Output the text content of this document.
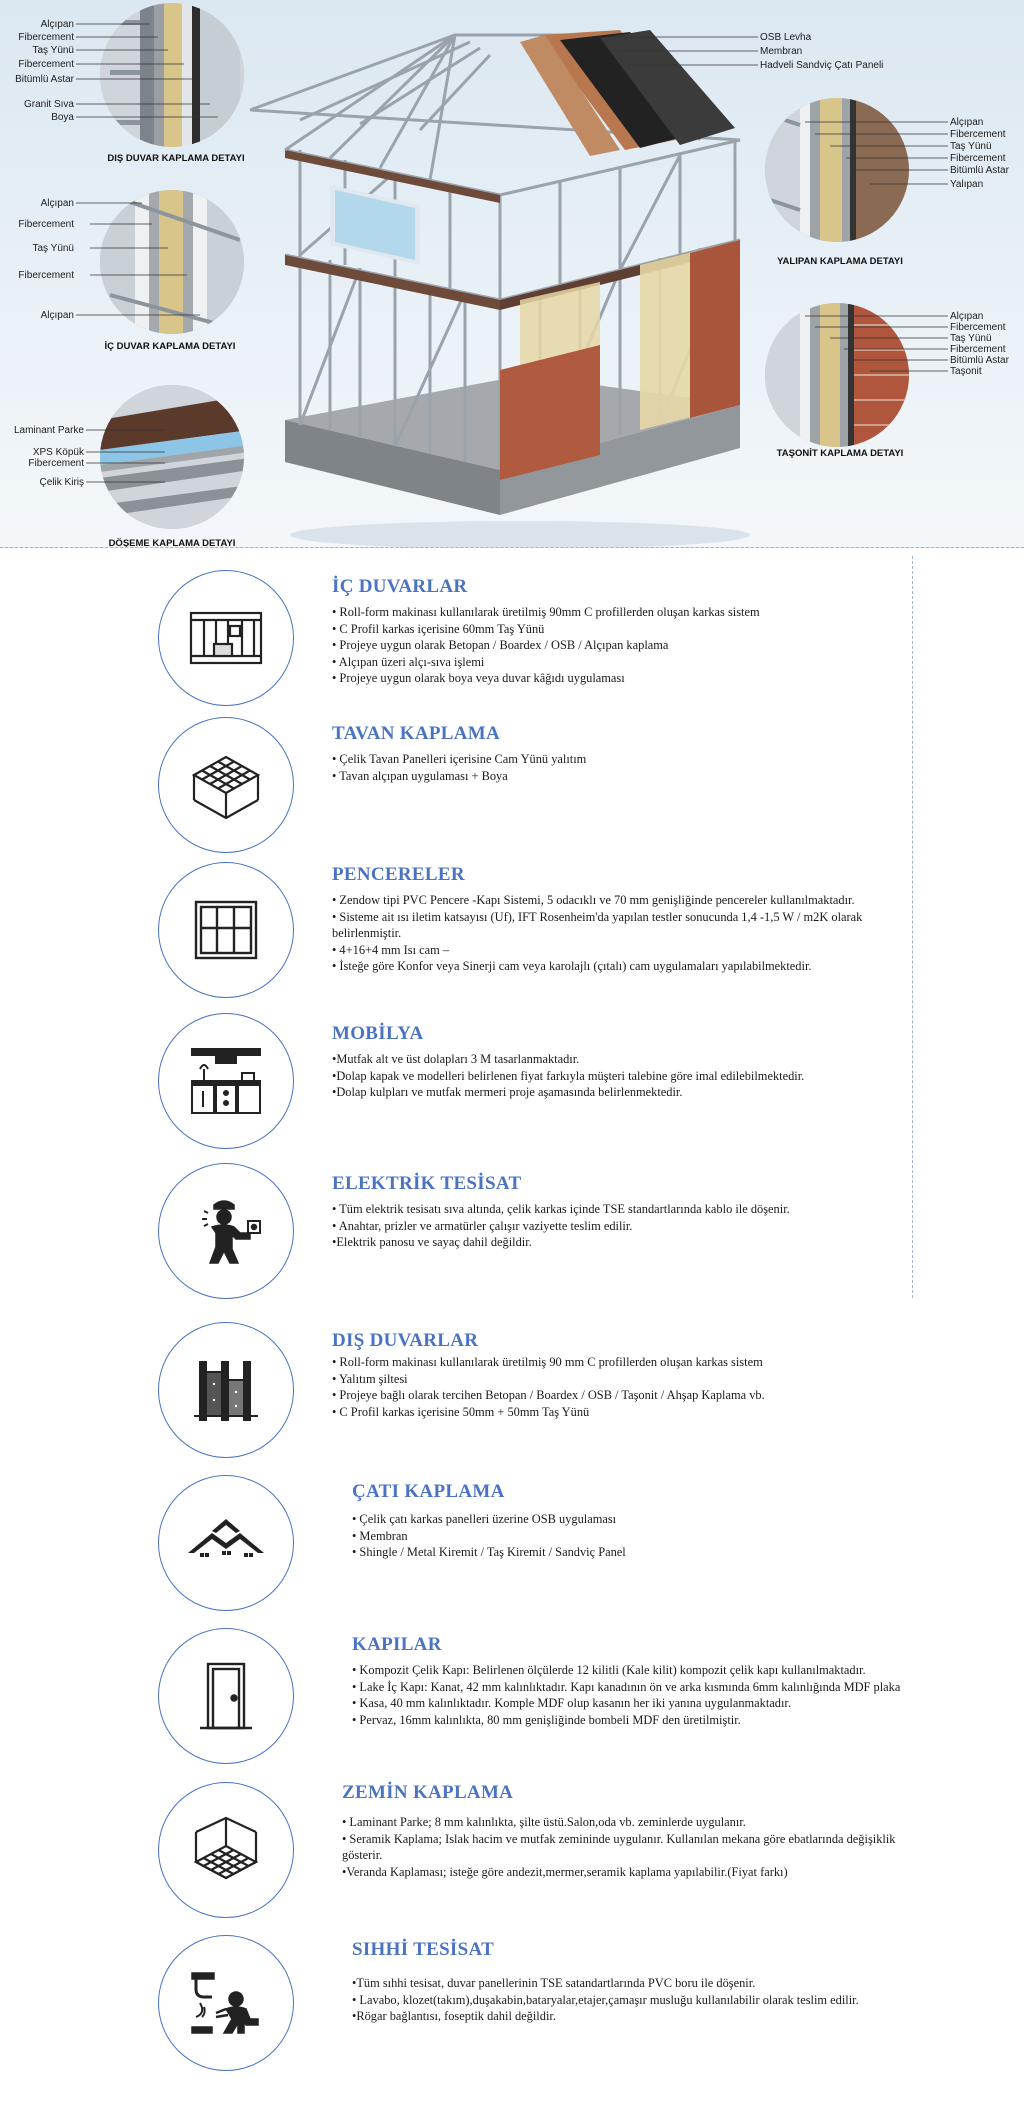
Alçıpan
Fibercement
Taş Yünü
Fibercement
Bitümlü Astar
Granit Sıva
Boya
DIŞ DUVAR KAPLAMA DETAYI
Alçıpan
Fibercement
Taş Yünü
Fibercement
Alçıpan
İÇ DUVAR KAPLAMA DETAYI
Laminant Parke
XPS Köpük
Fibercement
Çelik Kiriş
DÖŞEME KAPLAMA DETAYI
OSB Levha
Membran
Hadveli Sandviç Çatı Paneli
Alçıpan
Fibercement
Taş Yünü
Fibercement
Bitümlü Astar
Yalıpan
YALIPAN KAPLAMA DETAYI
Alçıpan
Fibercement
Taş Yünü
Fibercement
Bitümlü Astar
Taşonit
TAŞONİT KAPLAMA DETAYI
İÇ DUVARLAR
• Roll-form makinası kullanılarak üretilmiş 90mm C profillerden oluşan karkas sistem
• C Profil karkas içerisine 60mm Taş Yünü
• Projeye uygun olarak Betopan / Boardex / OSB / Alçıpan kaplama
• Alçıpan üzeri alçı-sıva işlemi
• Projeye uygun olarak boya veya duvar kâğıdı uygulaması
TAVAN KAPLAMA
• Çelik Tavan Panelleri içerisine Cam Yünü yalıtım
• Tavan alçıpan uygulaması + Boya
PENCERELER
• Zendow tipi PVC Pencere -Kapı Sistemi, 5 odacıklı ve 70 mm genişliğinde pencereler kullanılmaktadır.
• Sisteme ait ısı iletim katsayısı (Uf), IFT Rosenheim'da yapılan testler sonucunda 1,4 -1,5 W / m2K olarak belirlenmiştir.
• 4+16+4 mm Isı cam –
• İsteğe göre Konfor veya Sinerji cam veya karolajlı (çıtalı) cam uygulamaları yapılabilmektedir.
MOBİLYA
•Mutfak alt ve üst dolapları 3 M tasarlanmaktadır.
•Dolap kapak ve modelleri belirlenen fiyat farkıyla müşteri talebine göre imal edilebilmektedir.
•Dolap kulpları ve mutfak mermeri proje aşamasında belirlenmektedir.
ELEKTRİK TESİSAT
• Tüm elektrik tesisatı sıva altında, çelik karkas içinde TSE standartlarında kablo ile döşenir.
• Anahtar, prizler ve armatürler çalışır vaziyette teslim edilir.
•Elektrik panosu ve sayaç dahil değildir.
DIŞ DUVARLAR
• Roll-form makinası kullanılarak üretilmiş 90 mm C profillerden oluşan karkas sistem
• Yalıtım şiltesi
• Projeye bağlı olarak tercihen Betopan / Boardex / OSB / Taşonit / Ahşap Kaplama vb.
• C Profil karkas içerisine 50mm + 50mm Taş Yünü
ÇATI KAPLAMA
• Çelik çatı karkas panelleri üzerine OSB uygulaması
• Membran
• Shingle / Metal Kiremit / Taş Kiremit / Sandviç Panel
KAPILAR
• Kompozit Çelik Kapı: Belirlenen ölçülerde 12 kilitli (Kale kilit) kompozit çelik kapı kullanılmaktadır.
• Lake İç Kapı: Kanat, 42 mm kalınlıktadır. Kapı kanadının ön ve arka kısmında 6mm kalınlığında MDF plaka
• Kasa, 40 mm kalınlıktadır. Komple MDF olup kasanın her iki yanına uygulanmaktadır.
• Pervaz, 16mm kalınlıkta, 80 mm genişliğinde bombeli MDF den üretilmiştir.
ZEMİN KAPLAMA
• Laminant Parke; 8 mm kalınlıkta, şilte üstü.Salon,oda vb. zeminlerde uygulanır.
• Seramik Kaplama; Islak hacim ve mutfak zemininde uygulanır. Kullanılan mekana göre ebatlarında değişiklik gösterir.
•Veranda Kaplaması; isteğe göre andezit,mermer,seramik kaplama yapılabilir.(Fiyat farkı)
SIHHİ TESİSAT
•Tüm sıhhi tesisat, duvar panellerinin TSE satandartlarında PVC boru ile döşenir.
• Lavabo, klozet(takım),duşakabin,bataryalar,etajer,çamaşır musluğu kullanılabilir olarak teslim edilir.
•Rögar bağlantısı, foseptik dahil değildir.
